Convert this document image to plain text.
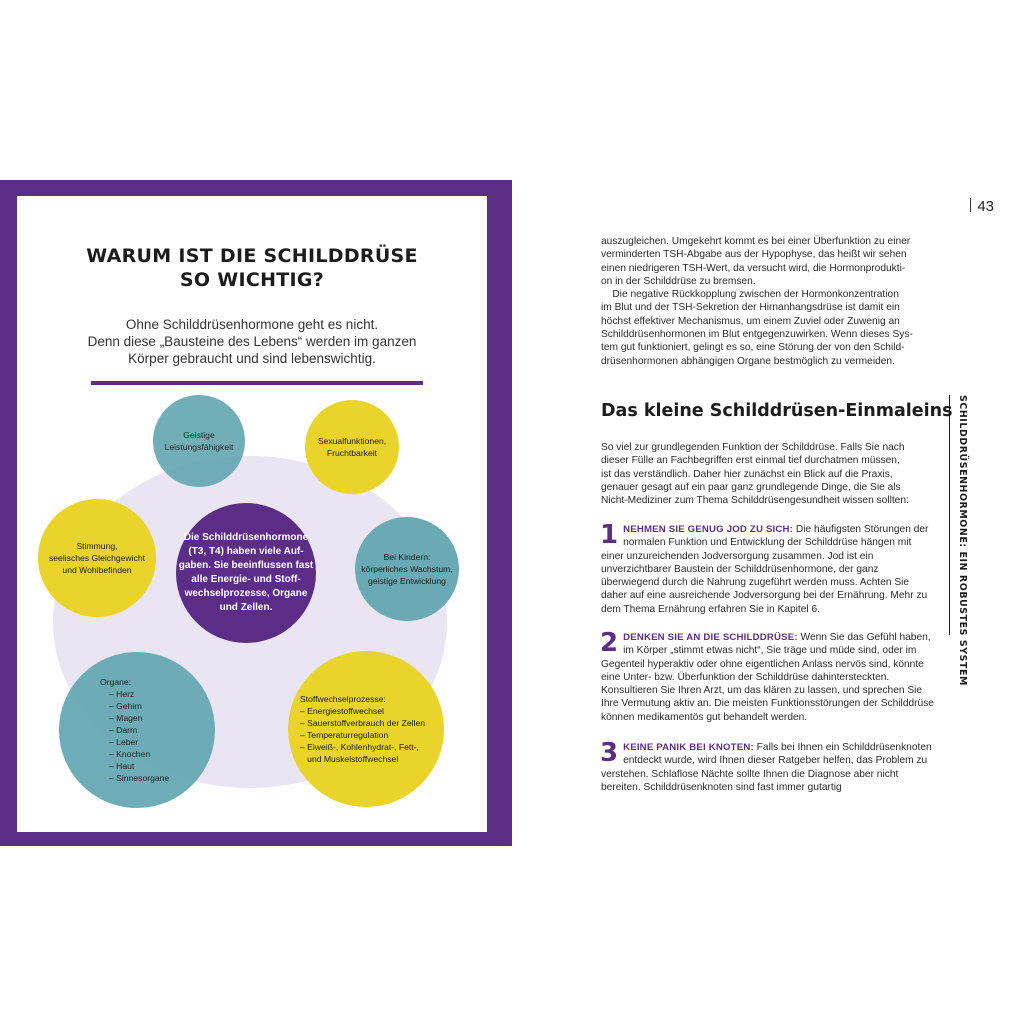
WARUM IST DIE SCHILDDRÜSE
SO WICHTIG?
Ohne Schilddrüsenhormone geht es nicht.
Denn diese „Bausteine des Lebens“ werden im ganzen
Körper gebraucht und sind lebenswichtig.
Geistige
Leistungsfähigkeit
Sexualfunktionen,
Fruchtbarkeit
Stimmung,
seelisches Gleichgewicht
und Wohlbefinden
Bei Kindern:
körperliches Wachstum,
geistige Entwicklung
Die Schilddrüsenhormone
(T3, T4) haben viele Auf-
gaben. Sie beeinflussen fast
alle Energie- und Stoff-
wechselprozesse, Organe
und Zellen.
Organe:
– Herz
– Gehirn
– Magen
– Darm
– Leber
– Knochen
– Haut
– Sinnesorgane
Stoffwechselprozesse:
– Energiestoffwechsel
– Sauerstoffverbrauch der Zellen
– Temperaturregulation
– Eiweiß-, Kohlenhydrat-, Fett-,
und Muskelstoffwechsel
43
auszugleichen. Umgekehrt kommt es bei einer Überfunktion zu einer
verminderten TSH-Abgabe aus der Hypophyse, das heißt wir sehen
einen niedrigeren TSH-Wert, da versucht wird, die Hormonprodukti-
on in der Schilddrüse zu bremsen.
Die negative Rückkopplung zwischen der Hormonkonzentration
im Blut und der TSH-Sekretion der Hirnanhangsdrüse ist damit ein
höchst effektiver Mechanismus, um einem Zuviel oder Zuwenig an
Schilddrüsenhormonen im Blut entgegenzuwirken. Wenn dieses Sys-
tem gut funktioniert, gelingt es so, eine Störung der von den Schild-
drüsenhormonen abhängigen Organe bestmöglich zu vermeiden.
Das kleine Schilddrüsen-Einmaleins
So viel zur grundlegenden Funktion der Schilddrüse. Falls Sie nach
dieser Fülle an Fachbegriffen erst einmal tief durchatmen müssen,
ist das verständlich. Daher hier zunächst ein Blick auf die Praxis,
genauer gesagt auf ein paar ganz grundlegende Dinge, die Sie als
Nicht-Mediziner zum Thema Schilddrüsengesundheit wissen sollten:
1 NEHMEN SIE GENUG JOD ZU SICH: Die häufigsten Störungen der normalen Funktion und Entwicklung der Schilddrüse hängen mit einer unzureichenden Jodversorgung zusammen. Jod ist ein unverzichtbarer Baustein der Schilddrüsenhormone, der ganz überwiegend durch die Nahrung zugeführt werden muss. Achten Sie daher auf eine ausreichende Jodversorgung bei der Ernährung. Mehr zu dem Thema Ernährung erfahren Sie in Kapitel 6.
2 DENKEN SIE AN DIE SCHILDDRÜSE: Wenn Sie das Gefühl haben, im Körper „stimmt etwas nicht“, Sie träge und müde sind, oder im Gegenteil hyperaktiv oder ohne eigentlichen Anlass nervös sind, könnte eine Unter- bzw. Überfunktion der Schilddrüse dahintersteckten. Konsultieren Sie Ihren Arzt, um das klären zu lassen, und sprechen Sie Ihre Vermutung aktiv an. Die meisten Funktionsstörungen der Schilddrüse können medikamentös gut behandelt werden.
3 KEINE PANIK BEI KNOTEN: Falls bei Ihnen ein Schilddrüsenknoten entdeckt wurde, wird Ihnen dieser Ratgeber helfen, das Problem zu verstehen. Schlaflose Nächte sollte Ihnen die Diagnose aber nicht bereiten. Schilddrüsenknoten sind fast immer gutartig
SCHILDDRÜSENHORMONE: EIN ROBUSTES SYSTEM
